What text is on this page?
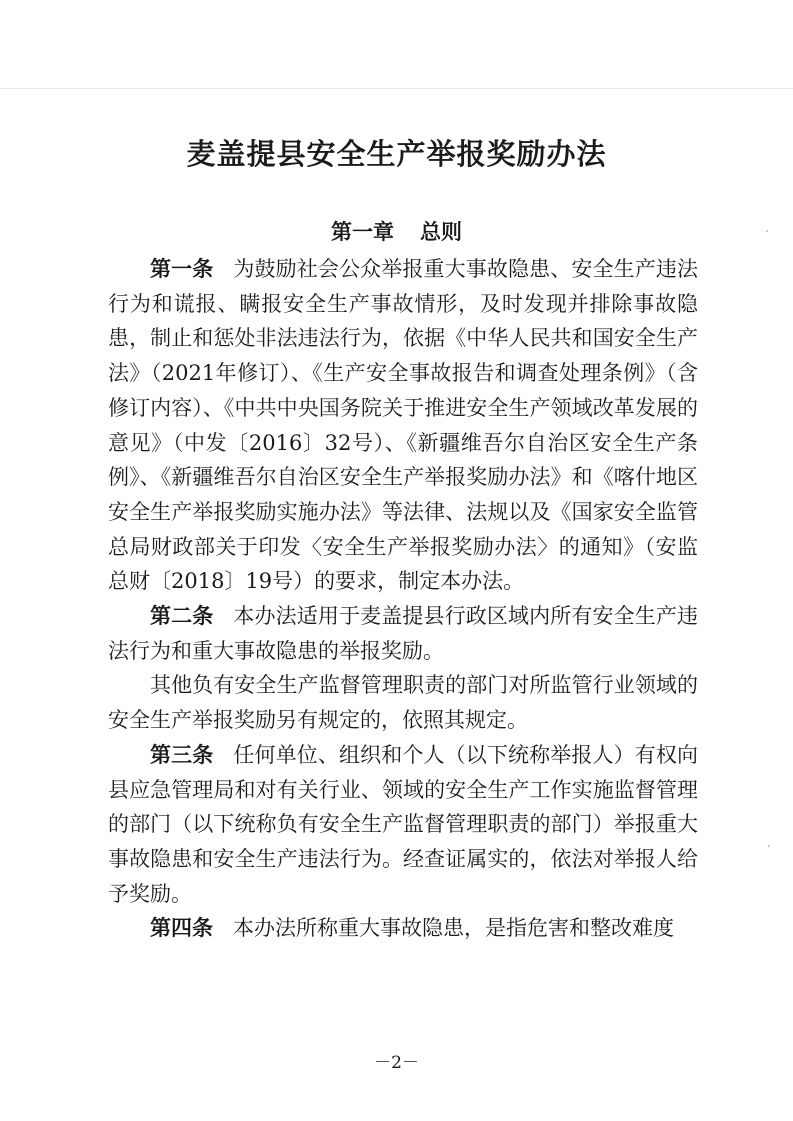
麦盖提县安全生产举报奖励办法
第一章 总则

第一条 为鼓励社会公众举报重大事故隐患、安全生产违法行为和谎报、瞒报安全生产事故情形，及时发现并排除事故隐患，制止和惩处非法违法行为，依据《中华人民共和国安全生产法》（2021年修订）、《生产安全事故报告和调查处理条例》（含修订内容）、《中共中央国务院关于推进安全生产领域改革发展的意见》（中发〔2016〕32号）、《新疆维吾尔自治区安全生产条例》、《新疆维吾尔自治区安全生产举报奖励办法》和《喀什地区安全生产举报奖励实施办法》等法律、法规以及《国家安全监管总局财政部关于印发〈安全生产举报奖励办法〉的通知》（安监总财〔2018〕19号）的要求，制定本办法。

第二条 本办法适用于麦盖提县行政区域内所有安全生产违法行为和重大事故隐患的举报奖励。

其他负有安全生产监督管理职责的部门对所监管行业领域的安全生产举报奖励另有规定的，依照其规定。

第三条 任何单位、组织和个人（以下统称举报人）有权向县应急管理局和对有关行业、领域的安全生产工作实施监督管理的部门（以下统称负有安全生产监督管理职责的部门）举报重大事故隐患和安全生产违法行为。经查证属实的，依法对举报人给予奖励。

第四条 本办法所称重大事故隐患，是指危害和整改难度

－2－
